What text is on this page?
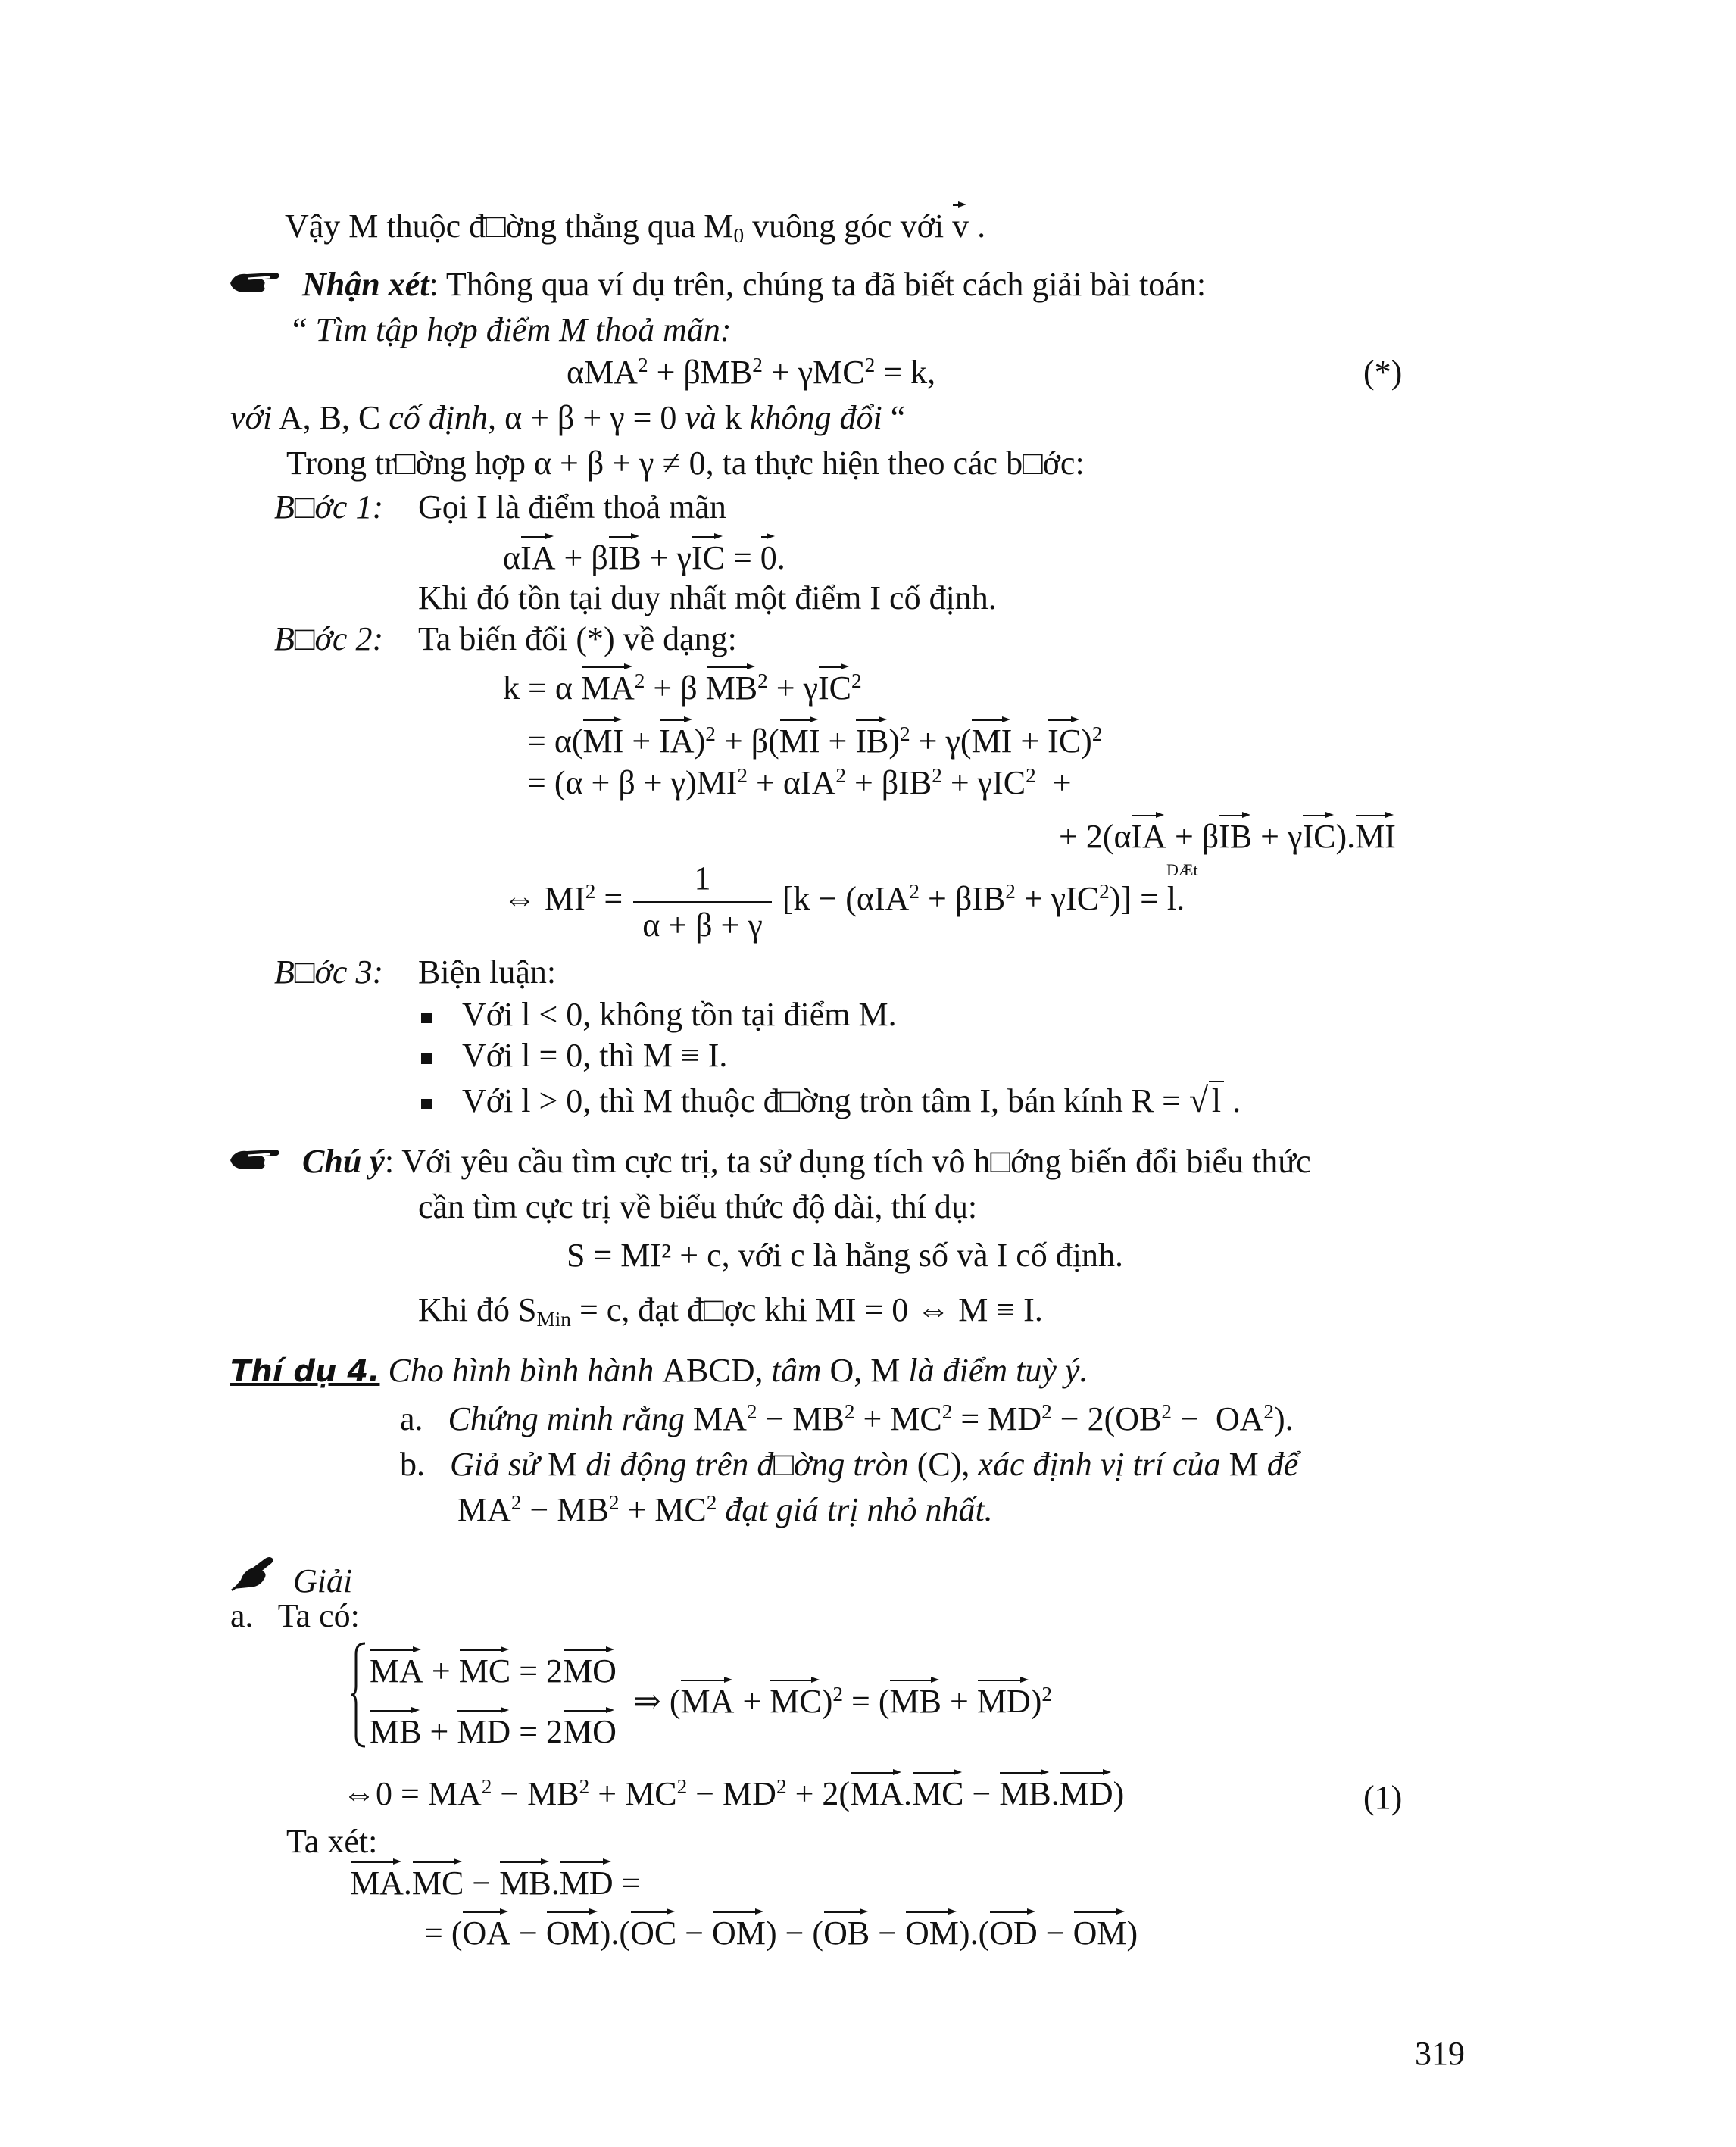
Vậy M thuộc đ□ờng thẳng qua $M_0$ vuông góc với v .
Nhận xét: Thông qua ví dụ trên, chúng ta đã biết cách giải bài toán:
“ Tìm tập hợp điểm M thoả mãn:
αMA$^2$ + βMB$^2$ + γMC$^2$ = k,	(*)
với A, B, C cố định, α + β + γ = 0 và k không đổi “
Trong tr□ờng hợp α + β + γ ≠ 0, ta thực hiện theo các b□ớc:
B□ớc 1: Gọi I là điểm thoả mãn
αIA + βIB + γIC = 0.
Khi đó tồn tại duy nhất một điểm I cố định.
B□ớc 2: Ta biến đổi (*) về dạng:
k = α $MA^2 + \beta$ $MB^2 + \gamma IC^2$
= α(MI + IA)$^2$ + β(MI + IB)$^2$ + γ(MI + IC)$^2$
= $(\alpha + \beta + \gamma)MI^2 + \alpha IA^2 + \beta IB^2 + \gamma IC^2$  +
+ 2(αIA + βIB + γIC).MI
⇔ $MI^2 = \frac{1}{\alpha + \beta + \gamma} [k - (\alpha IA^2 + \beta IB^2 + \gamma IC^2)] = l$.
DÆt
B□ớc 3: Biện luận:
Với l < 0, không tồn tại điểm M.
Với l = 0, thì M ≡ I.
Với l > 0, thì M thuộc đ□ờng tròn tâm I, bán kính R = √ l .
Chú ý: Với yêu cầu tìm cực trị, ta sử dụng tích vô h□ớng biến đổi biểu thức
cần tìm cực trị về biểu thức độ dài, thí dụ:
S = MI² + c, với c là hằng số và I cố định.
Khi đó $S_{Min} = c$, đạt đ□ợc khi MI = 0 ⇔ M ≡ I.
Thí dụ 4. Cho hình bình hành ABCD, tâm O, M là điểm tuỳ ý.
a. Chứng minh rằng $MA^2 - MB^2 + MC^2 = MD^2 - 2(OB^2 - OA^2)$.
b. Giả sử M di động trên đ□ờng tròn (C), xác định vị trí của M để
$MA^2 - MB^2 + MC^2$ đạt giá trị nhỏ nhất.
Giải
a. Ta có:
MA + MC = 2MO
MB + MD = 2MO
⇒ (MA + MC)$^2$ = (MB + MD)$^2$
⇔0 = $MA^2 - MB^2 + MC^2 - MD^2 + 2(MA.MC - MB.MD)$	(1)
Ta xét:
MA.MC − MB.MD =
= (OA − OM).(OC − OM) − (OB − OM).(OD − OM)
319
